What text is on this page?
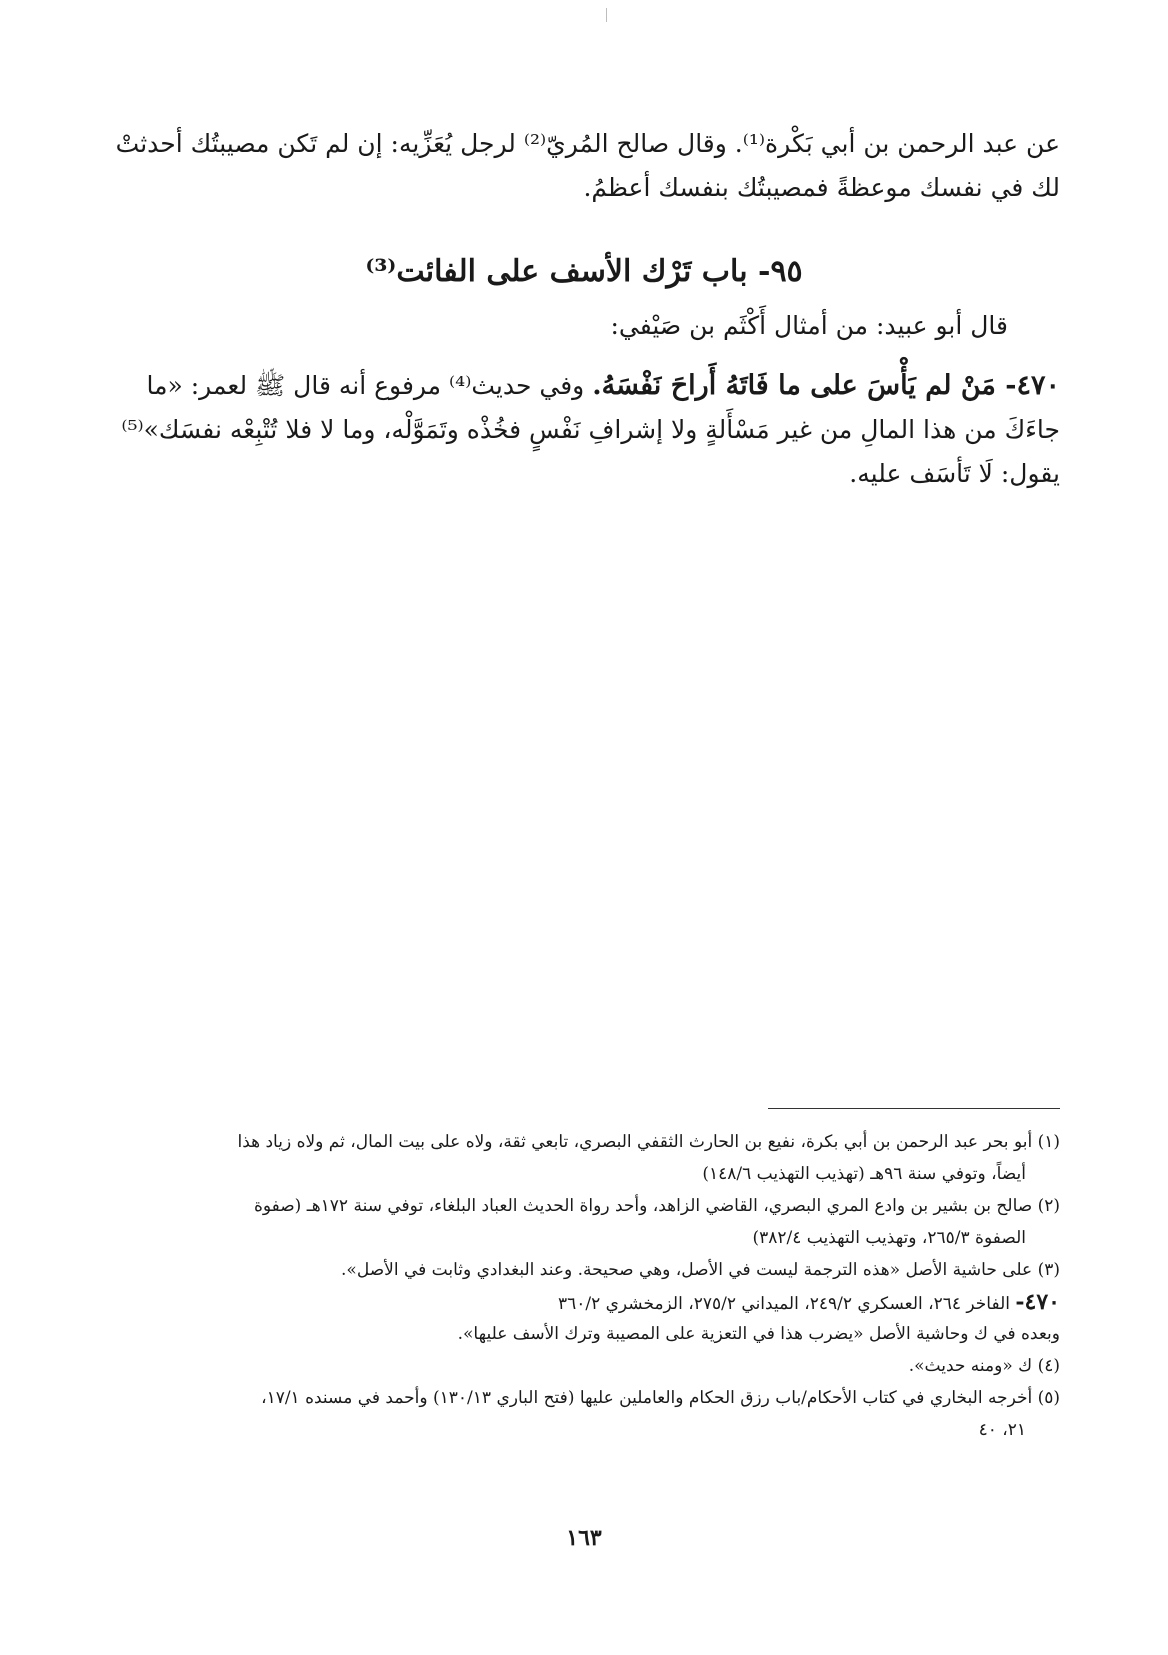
عن عبد الرحمن بن أبي بَكْرة⁽¹⁾. وقال صالح المُريّ⁽²⁾ لرجل يُعَزِّيه: إن لم تَكن مصيبتُك أحدثتْ
لك في نفسك موعظةً فمصيبتُك بنفسك أعظمُ.
٩٥- باب تَرْك الأسف على الفائت⁽³⁾
قال أبو عبيد: من أمثال أَكْثَم بن صَيْفي:
٤٧٠- مَنْ لم يَأْسَ على ما فَاتَهُ أَراحَ نَفْسَهُ. وفي حديث⁽⁴⁾ مرفوع أنه قال ﷺ لعمر: «ما
جاءَكَ من هذا المالِ من غير مَسْأَلةٍ ولا إشرافِ نَفْسٍ فخُذْه وتَمَوَّلْه، وما لا فلا تُتْبِعْه نفسَك»⁽⁵⁾
يقول: لَا تَأسَف عليه.
(١) أبو بحر عبد الرحمن بن أبي بكرة، نفيع بن الحارث الثقفي البصري، تابعي ثقة، ولاه على بيت المال، ثم ولاه زياد هذا
أيضاً، وتوفي سنة ٩٦هـ (تهذيب التهذيب ١٤٨/٦)
(٢) صالح بن بشير بن وادع المري البصري، القاضي الزاهد، وأحد رواة الحديث العباد البلغاء، توفي سنة ١٧٢هـ (صفوة
الصفوة ٢٦٥/٣، وتهذيب التهذيب ٣٨٢/٤)
(٣) على حاشية الأصل «هذه الترجمة ليست في الأصل، وهي صحيحة. وعند البغدادي وثابت في الأصل».
٤٧٠- الفاخر ٢٦٤، العسكري ٢٤٩/٢، الميداني ٢٧٥/٢، الزمخشري ٣٦٠/٢
وبعده في ك وحاشية الأصل «يضرب هذا في التعزية على المصيبة وترك الأسف عليها».
(٤) ك «ومنه حديث».
(٥) أخرجه البخاري في كتاب الأحكام/باب رزق الحكام والعاملين عليها (فتح الباري ١٣٠/١٣) وأحمد في مسنده ١٧/١،
٢١، ٤٠
١٦٣
